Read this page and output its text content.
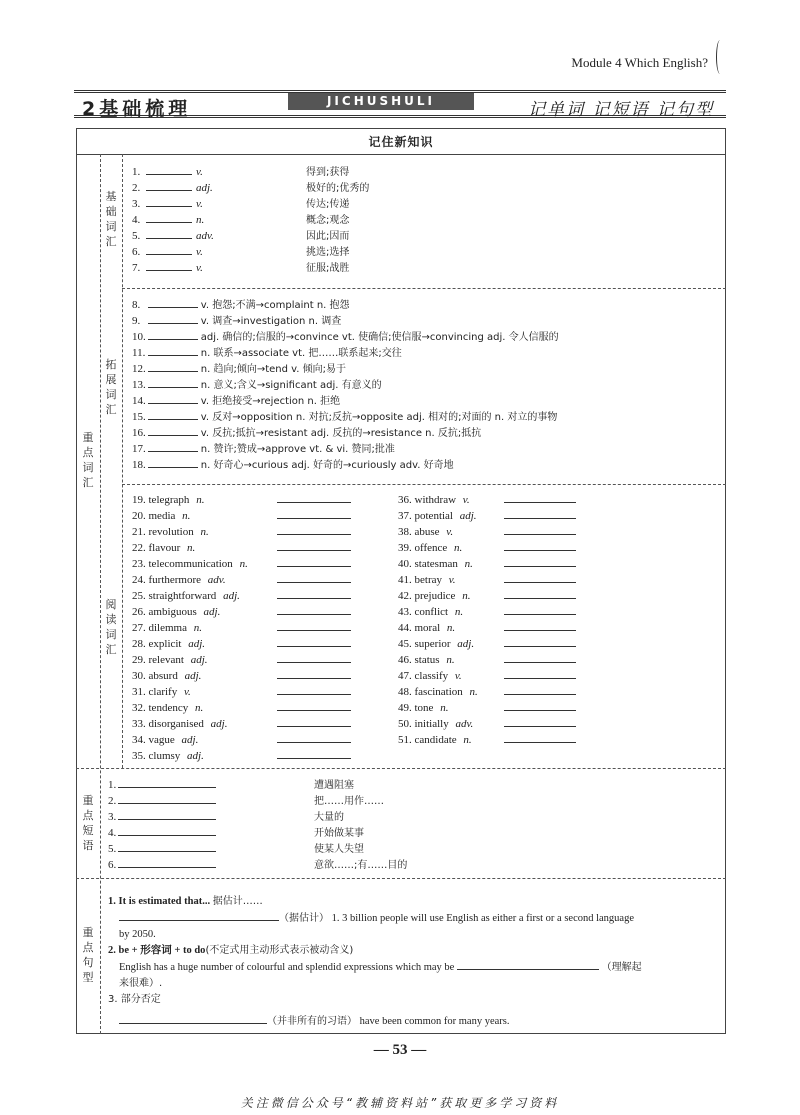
Module 4 Which English?
2基础梳理	JICHUSHULI	记单词 记短语 记句型
记住新知识
重点词汇
基础词汇
拓展词汇
阅读词汇
重点短语
重点句型
1.	v.	得到;获得
2.	adj.	极好的;优秀的
3.	v.	传达;传递
4.	n.	概念;观念
5.	adv.	因此;因而
6.	v.	挑选;选择
7.	v.	征服;战胜
8.	v. 抱怨;不满→complaint n. 抱怨
9.	v. 调查→investigation n. 调查
10.	adj. 确信的;信服的→convince vt. 使确信;使信服→convincing adj. 令人信服的
11.	n. 联系→associate vt. 把……联系起来;交往
12.	n. 趋向;倾向→tend v. 倾向;易于
13.	n. 意义;含义→significant adj. 有意义的
14.	v. 拒绝接受→rejection n. 拒绝
15.	v. 反对→opposition n. 对抗;反抗→opposite adj. 相对的;对面的 n. 对立的事物
16.	v. 反抗;抵抗→resistant adj. 反抗的→resistance n. 反抗;抵抗
17.	n. 赞许;赞成→approve vt. & vi. 赞同;批准
18.	n. 好奇心→curious adj. 好奇的→curiously adv. 好奇地
19. telegraph n.
20. media n.
21. revolution n.
22. flavour n.
23. telecommunication n.
24. furthermore adv.
25. straightforward adj.
26. ambiguous adj.
27. dilemma n.
28. explicit adj.
29. relevant adj.
30. absurd adj.
31. clarify v.
32. tendency n.
33. disorganised adj.
34. vague adj.
35. clumsy adj.
36. withdraw v.
37. potential adj.
38. abuse v.
39. offence n.
40. statesman n.
41. betray v.
42. prejudice n.
43. conflict n.
44. moral n.
45. superior adj.
46. status n.
47. classify v.
48. fascination n.
49. tone n.
50. initially adv.
51. candidate n.
1.	遭遇阻塞
2.	把……用作……
3.	大量的
4.	开始做某事
5.	使某人失望
6.	意欲……;有……目的
1. It is estimated that... 据估计……
（据估计） 1. 3 billion people will use English as either a first or a second language
by 2050.
2. be + 形容词 + to do(不定式用主动形式表示被动含义)
English has a huge number of colourful and splendid expressions which may be	（理解起
来很难）.
3. 部分否定
（并非所有的习语） have been common for many years.
— 53 —
关注微信公众号“教辅资料站”获取更多学习资料
